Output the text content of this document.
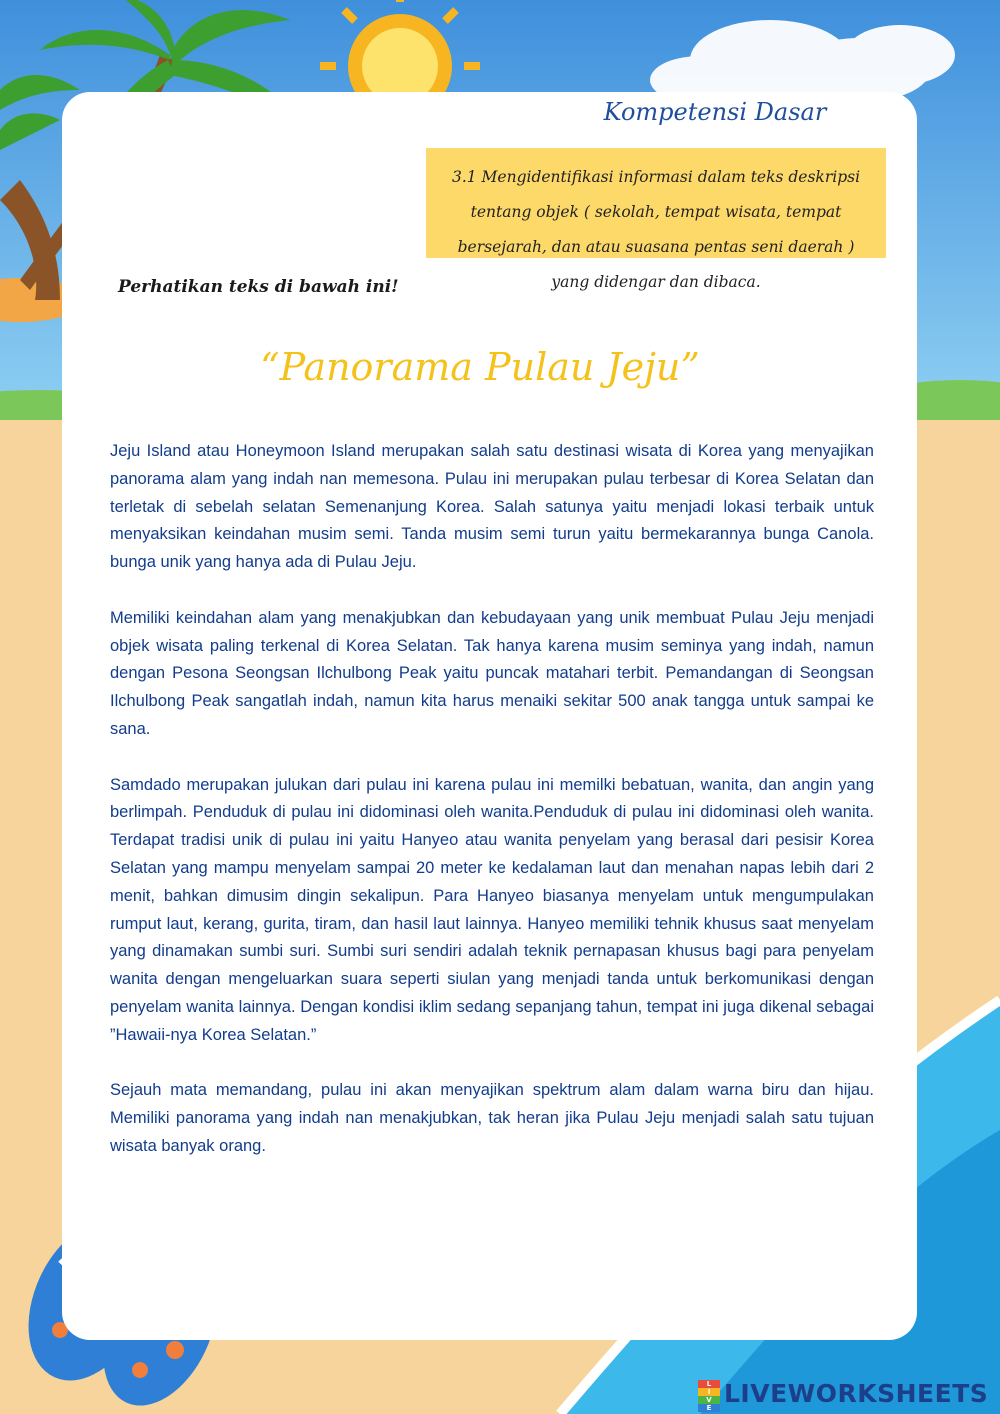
Kompetensi Dasar
3.1 Mengidentifikasi informasi dalam teks deskripsi tentang objek ( sekolah, tempat wisata, tempat bersejarah, dan atau suasana pentas seni daerah ) yang didengar dan dibaca.
Perhatikan teks di bawah ini!
“Panorama Pulau Jeju”

Jeju Island atau Honeymoon Island merupakan salah satu destinasi wisata di Korea yang menyajikan panorama alam yang indah nan memesona. Pulau ini merupakan pulau terbesar di Korea Selatan dan terletak di sebelah selatan Semenanjung Korea. Salah satunya yaitu menjadi lokasi terbaik untuk menyaksikan keindahan musim semi. Tanda musim semi turun yaitu bermekarannya bunga Canola. bunga unik yang hanya ada di Pulau Jeju.

Memiliki keindahan alam yang menakjubkan dan kebudayaan yang unik membuat Pulau Jeju menjadi objek wisata paling terkenal di Korea Selatan. Tak hanya karena musim seminya yang indah, namun dengan Pesona Seongsan Ilchulbong Peak yaitu puncak matahari terbit. Pemandangan di Seongsan Ilchulbong Peak sangatlah indah, namun kita harus menaiki sekitar 500 anak tangga untuk sampai ke sana.

Samdado merupakan julukan dari pulau ini karena pulau ini memilki bebatuan, wanita, dan angin yang berlimpah. Penduduk di pulau ini didominasi oleh wanita.Penduduk di pulau ini didominasi oleh wanita. Terdapat tradisi unik di pulau ini yaitu Hanyeo atau wanita penyelam yang berasal dari pesisir Korea Selatan yang mampu menyelam sampai 20 meter ke kedalaman laut dan menahan napas lebih dari 2 menit, bahkan dimusim dingin sekalipun. Para Hanyeo biasanya menyelam untuk mengumpulakan rumput laut, kerang, gurita, tiram, dan hasil laut lainnya. Hanyeo memiliki tehnik khusus saat menyelam yang dinamakan sumbi suri. Sumbi suri sendiri adalah teknik pernapasan khusus bagi para penyelam wanita dengan mengeluarkan suara seperti siulan yang menjadi tanda untuk berkomunikasi dengan penyelam wanita lainnya. Dengan kondisi iklim sedang sepanjang tahun, tempat ini juga dikenal sebagai ”Hawaii-nya Korea Selatan.”

Sejauh mata memandang, pulau ini akan menyajikan spektrum alam dalam warna biru dan hijau. Memiliki panorama yang indah nan menakjubkan, tak heran jika Pulau Jeju menjadi salah satu tujuan wisata banyak orang.

L
I
V
E
LIVEWORKSHEETS
